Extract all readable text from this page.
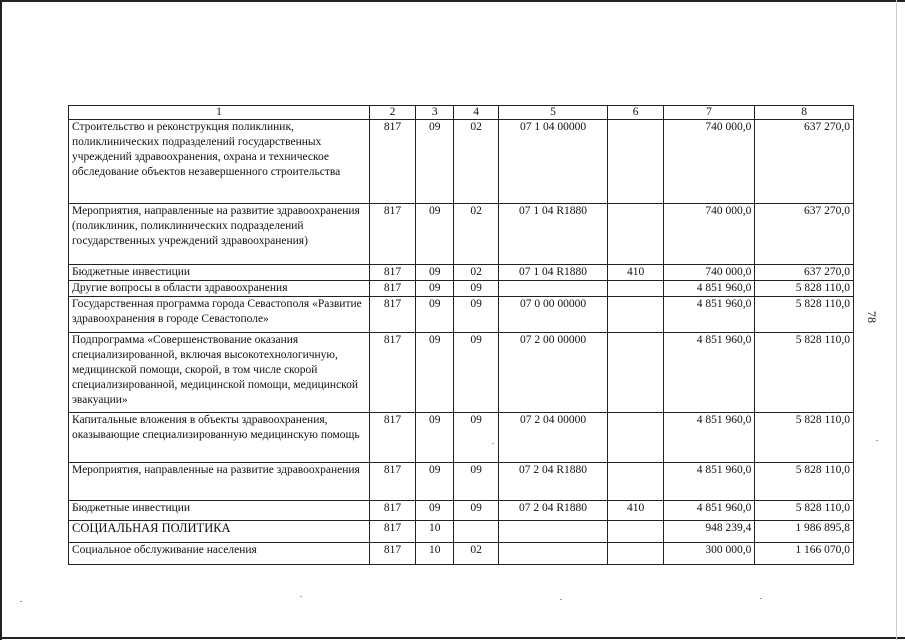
1	2	3	4	5	6	7	8
Строительство и реконструкция поликлиник, поликлинических подразделений государственных учреждений здравоохранения, охрана и техническое обследование объектов незавершенного строительства	817	09	02	07 1 04 00000		740 000,0	637 270,0
Мероприятия, направленные на развитие здравоохранения (поликлиник, поликлинических подразделений государственных учреждений здравоохранения)	817	09	02	07 1 04 R1880		740 000,0	637 270,0
Бюджетные инвестиции	817	09	02	07 1 04 R1880	410	740 000,0	637 270,0
Другие вопросы в области здравоохранения	817	09	09			4 851 960,0	5 828 110,0
Государственная программа города Севастополя «Развитие здравоохранения в городе Севастополе»	817	09	09	07 0 00 00000		4 851 960,0	5 828 110,0
Подпрограмма «Совершенствование оказания специализированной, включая высокотехнологичную, медицинской помощи, скорой, в том числе скорой специализированной, медицинской помощи, медицинской эвакуации»	817	09	09	07 2 00 00000		4 851 960,0	5 828 110,0
Капитальные вложения в объекты здравоохранения, оказывающие специализированную медицинскую помощь	817	09	09	07 2 04 00000		4 851 960,0	5 828 110,0
Мероприятия, направленные на развитие здравоохранения	817	09	09	07 2 04 R1880		4 851 960,0	5 828 110,0
Бюджетные инвестиции	817	09	09	07 2 04 R1880	410	4 851 960,0	5 828 110,0
СОЦИАЛЬНАЯ ПОЛИТИКА	817	10				948 239,4	1 986 895,8
Социальное обслуживание населения	817	10	02			300 000,0	1 166 070,0
78
